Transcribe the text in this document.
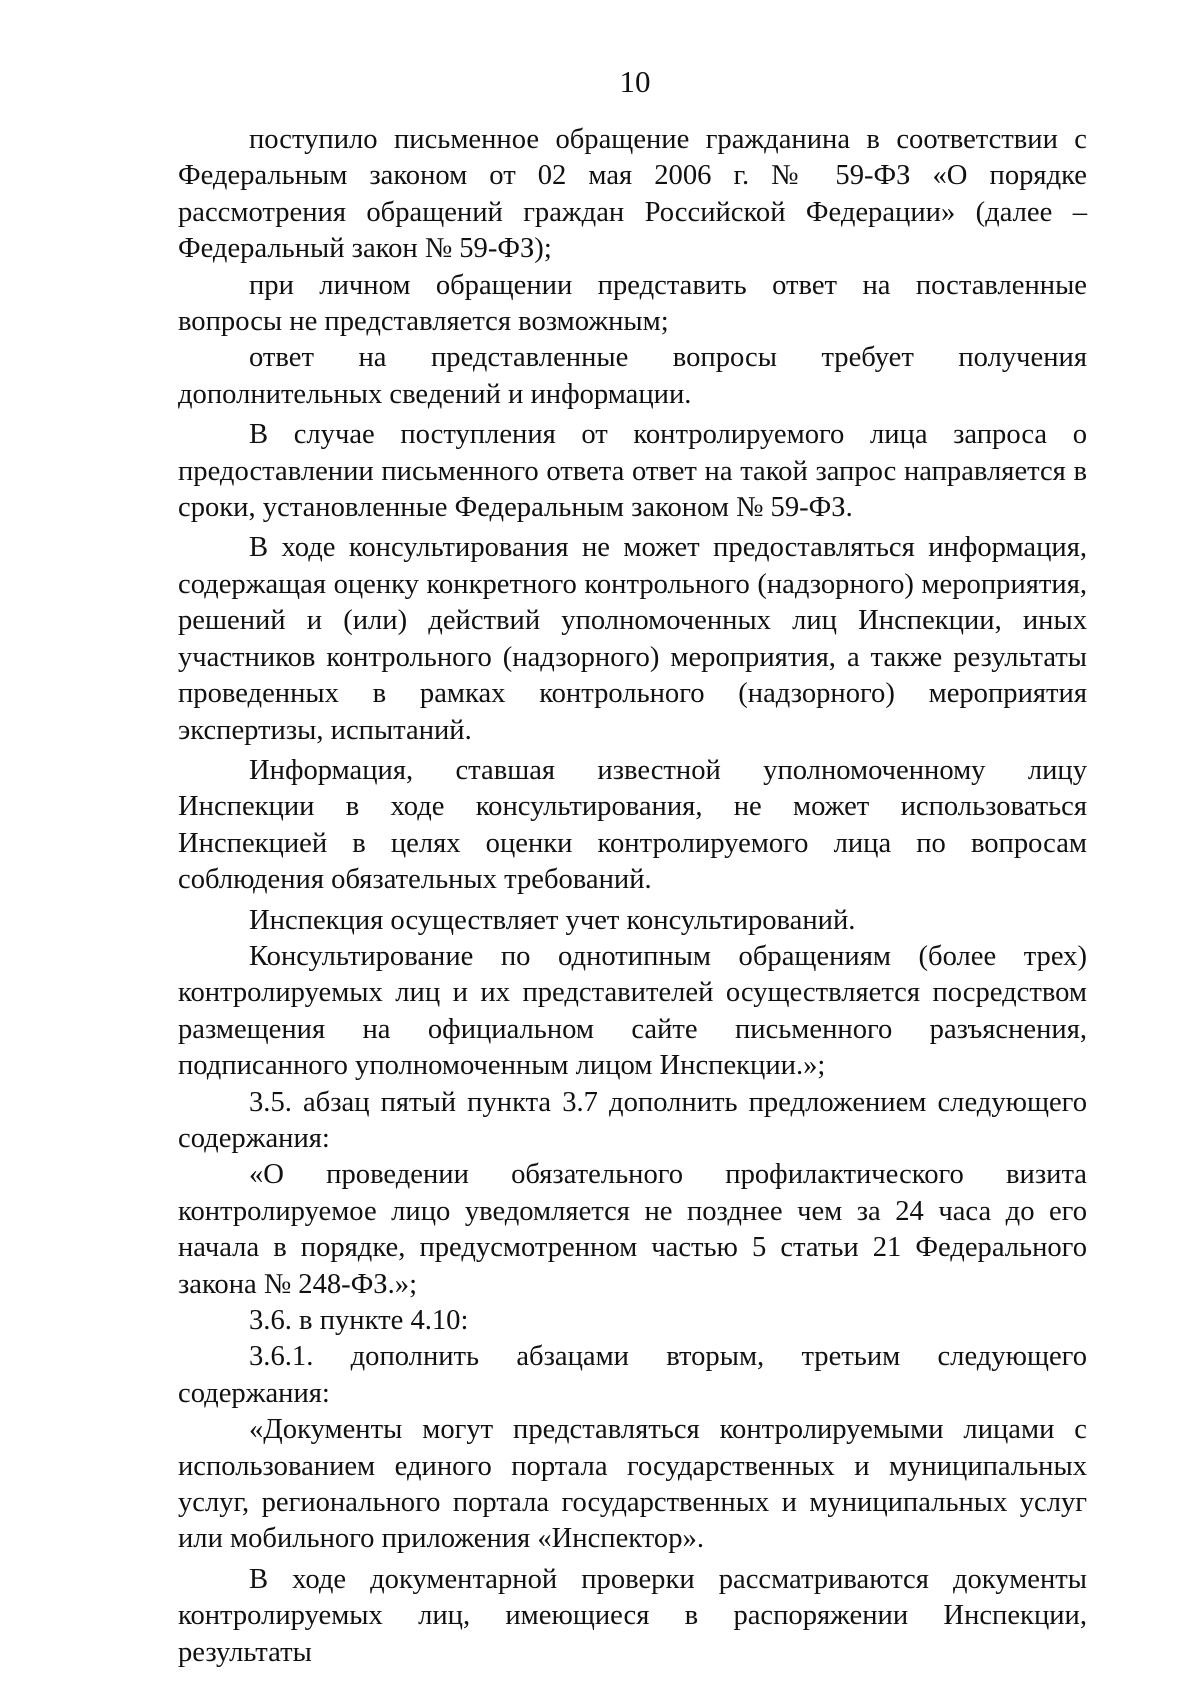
10

поступило письменное обращение гражданина в соответствии с Федеральным законом от 02 мая 2006 г. № 59-ФЗ «О порядке рассмотрения обращений граждан Российской Федерации» (далее – Федеральный закон № 59-ФЗ);

при личном обращении представить ответ на поставленные вопросы не представляется возможным;

ответ на представленные вопросы требует получения дополнительных сведений и информации.

В случае поступления от контролируемого лица запроса о предоставлении письменного ответа ответ на такой запрос направляется в сроки, установленные Федеральным законом № 59-ФЗ.

В ходе консультирования не может предоставляться информация, содержащая оценку конкретного контрольного (надзорного) мероприятия, решений и (или) действий уполномоченных лиц Инспекции, иных участников контрольного (надзорного) мероприятия, а также результаты проведенных в рамках контрольного (надзорного) мероприятия экспертизы, испытаний.

Информация, ставшая известной уполномоченному лицу Инспекции в ходе консультирования, не может использоваться Инспекцией в целях оценки контролируемого лица по вопросам соблюдения обязательных требований.

Инспекция осуществляет учет консультирований.

Консультирование по однотипным обращениям (более трех) контролируемых лиц и их представителей осуществляется посредством размещения на официальном сайте письменного разъяснения, подписанного уполномоченным лицом Инспекции.»;

3.5. абзац пятый пункта 3.7 дополнить предложением следующего содержания:

«О проведении обязательного профилактического визита контролируемое лицо уведомляется не позднее чем за 24 часа до его начала в порядке, предусмотренном частью 5 статьи 21 Федерального закона № 248-ФЗ.»;

3.6. в пункте 4.10:

3.6.1. дополнить абзацами вторым, третьим следующего содержания:

«Документы могут представляться контролируемыми лицами с использованием единого портала государственных и муниципальных услуг, регионального портала государственных и муниципальных услуг или мобильного приложения «Инспектор».

В ходе документарной проверки рассматриваются документы контролируемых лиц, имеющиеся в распоряжении Инспекции, результаты
